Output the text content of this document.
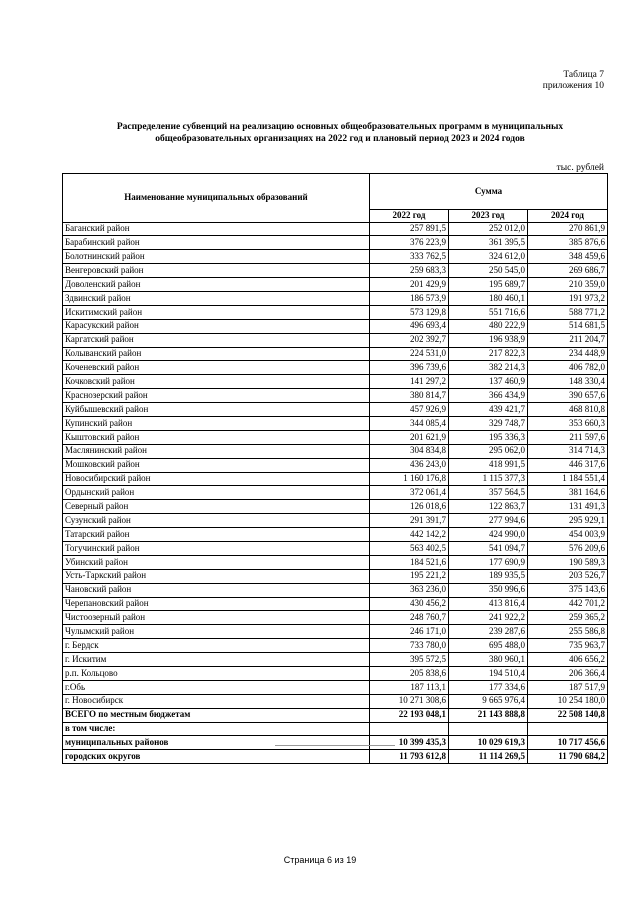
Таблица 7
приложения 10
Распределение субвенций на реализацию основных общеобразовательных программ в муниципальных
общеобразовательных организациях на 2022 год и плановый период 2023 и 2024 годов
тыс. рублей
Наименование муниципальных образований	Сумма		
	2022 год	2023 год	2024 год
Баганский район	257 891,5	252 012,0	270 861,9
Барабинский район	376 223,9	361 395,5	385 876,6
Болотнинский район	333 762,5	324 612,0	348 459,6
Венгеровский район	259 683,3	250 545,0	269 686,7
Доволенский район	201 429,9	195 689,7	210 359,0
Здвинский район	186 573,9	180 460,1	191 973,2
Искитимский район	573 129,8	551 716,6	588 771,2
Карасукский район	496 693,4	480 222,9	514 681,5
Каргатский район	202 392,7	196 938,9	211 204,7
Колыванский район	224 531,0	217 822,3	234 448,9
Коченевский район	396 739,6	382 214,3	406 782,0
Кочковский район	141 297,2	137 460,9	148 330,4
Краснозерский район	380 814,7	366 434,9	390 657,6
Куйбышевский район	457 926,9	439 421,7	468 810,8
Купинский район	344 085,4	329 748,7	353 660,3
Кыштовский район	201 621,9	195 336,3	211 597,6
Маслянинский район	304 834,8	295 062,0	314 714,3
Мошковский район	436 243,0	418 991,5	446 317,6
Новосибирский район	1 160 176,8	1 115 377,3	1 184 551,4
Ордынский район	372 061,4	357 564,5	381 164,6
Северный район	126 018,6	122 863,7	131 491,3
Сузунский район	291 391,7	277 994,6	295 929,1
Татарский район	442 142,2	424 990,0	454 003,9
Тогучинский район	563 402,5	541 094,7	576 209,6
Убинский район	184 521,6	177 690,9	190 589,3
Усть-Таркский район	195 221,2	189 935,5	203 526,7
Чановский район	363 236,0	350 996,6	375 143,6
Черепановский район	430 456,2	413 816,4	442 701,2
Чистоозерный район	248 760,7	241 922,2	259 365,2
Чулымский район	246 171,0	239 287,6	255 586,8
г. Бердск	733 780,0	695 488,0	735 963,7
г. Искитим	395 572,5	380 960,1	406 656,2
р.п. Кольцово	205 838,6	194 510,4	206 366,4
г.Обь	187 113,1	177 334,6	187 517,9
г. Новосибирск	10 271 308,6	9 665 976,4	10 254 180,0
ВСЕГО по местным бюджетам	22 193 048,1	21 143 888,8	22 508 140,8
в том числе:			
муниципальных районов	10 399 435,3	10 029 619,3	10 717 456,6
городских округов	11 793 612,8	11 114 269,5	11 790 684,2
Страница 6 из 19
